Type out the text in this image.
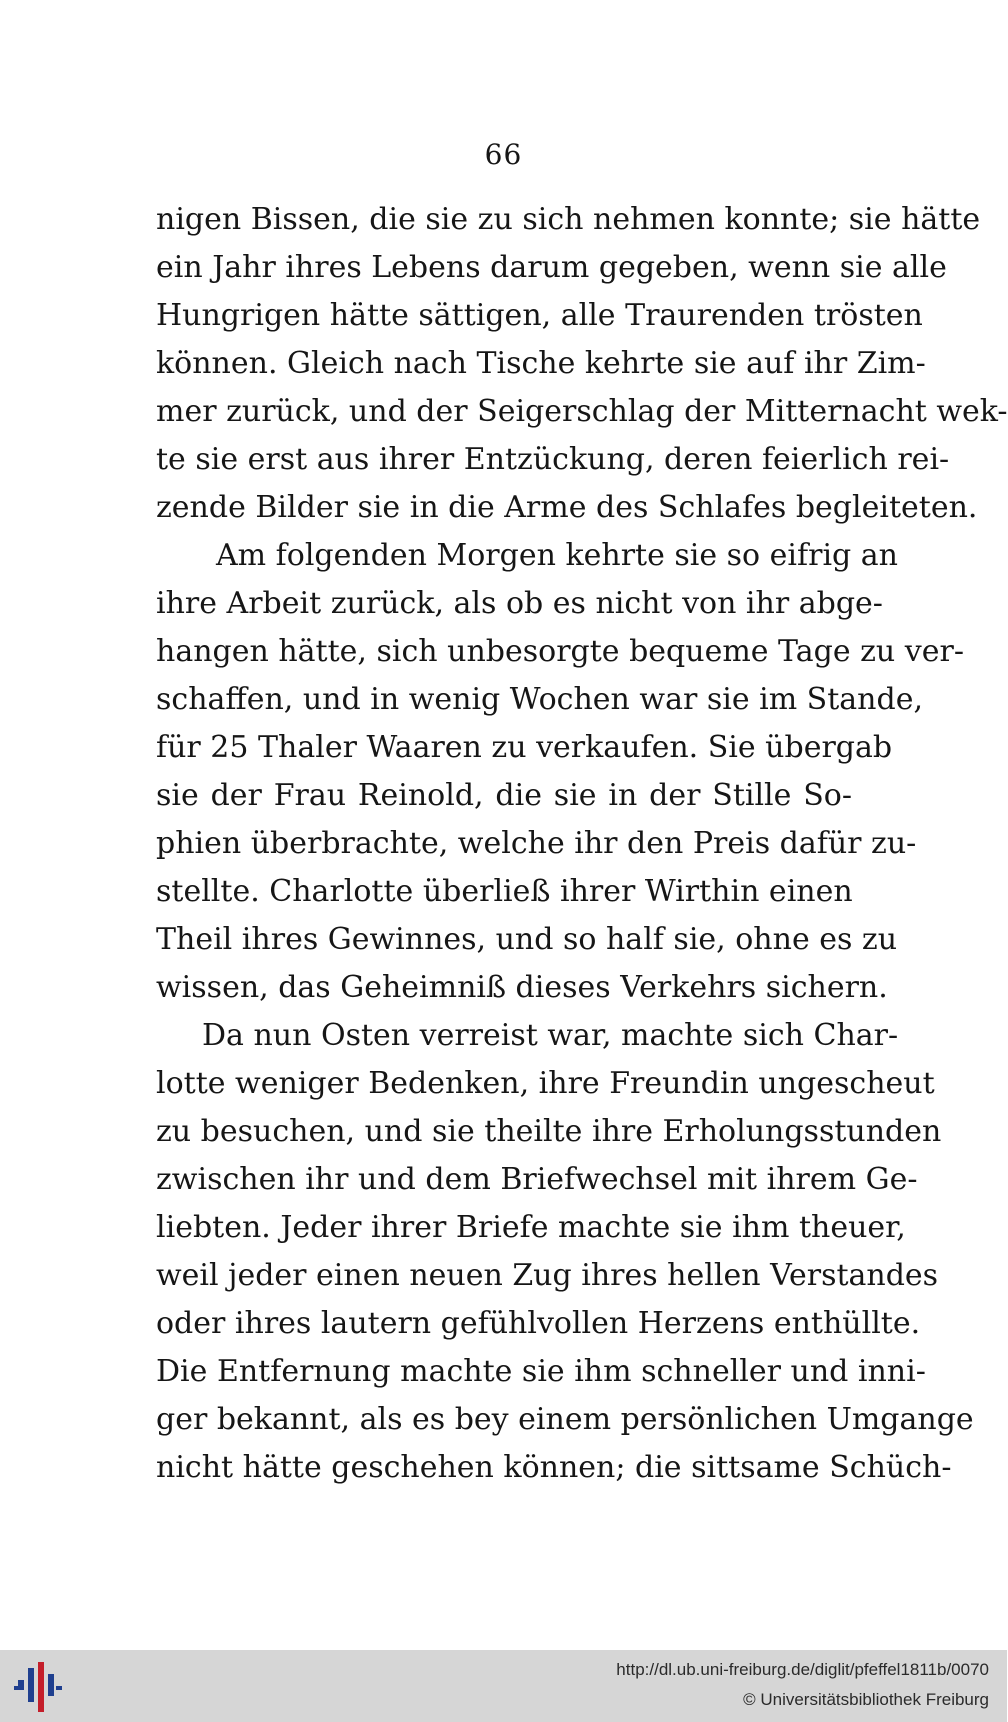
66
nigen Bissen, die sie zu sich nehmen konnte; sie hätte
ein Jahr ihres Lebens darum gegeben, wenn sie alle
Hungrigen hätte sättigen, alle Traurenden trösten
können. Gleich nach Tische kehrte sie auf ihr Zim-
mer zurück, und der Seigerschlag der Mitternacht wek-
te sie erst aus ihrer Entzückung, deren feierlich rei-
zende Bilder sie in die Arme des Schlafes begleiteten.
Am folgenden Morgen kehrte sie so eifrig an
ihre Arbeit zurück, als ob es nicht von ihr abge-
hangen hätte, sich unbesorgte bequeme Tage zu ver-
schaffen, und in wenig Wochen war sie im Stande,
für 25 Thaler Waaren zu verkaufen. Sie übergab
sie der Frau Reinold, die sie in der Stille So-
phien überbrachte, welche ihr den Preis dafür zu-
stellte. Charlotte überließ ihrer Wirthin einen
Theil ihres Gewinnes, und so half sie, ohne es zu
wissen, das Geheimniß dieses Verkehrs sichern.
Da nun Osten verreist war, machte sich Char-
lotte weniger Bedenken, ihre Freundin ungescheut
zu besuchen, und sie theilte ihre Erholungsstunden
zwischen ihr und dem Briefwechsel mit ihrem Ge-
liebten. Jeder ihrer Briefe machte sie ihm theuer,
weil jeder einen neuen Zug ihres hellen Verstandes
oder ihres lautern gefühlvollen Herzens enthüllte.
Die Entfernung machte sie ihm schneller und inni-
ger bekannt, als es bey einem persönlichen Umgange
nicht hätte geschehen können; die sittsame Schüch-
http://dl.ub.uni-freiburg.de/diglit/pfeffel1811b/0070
© Universitätsbibliothek Freiburg
